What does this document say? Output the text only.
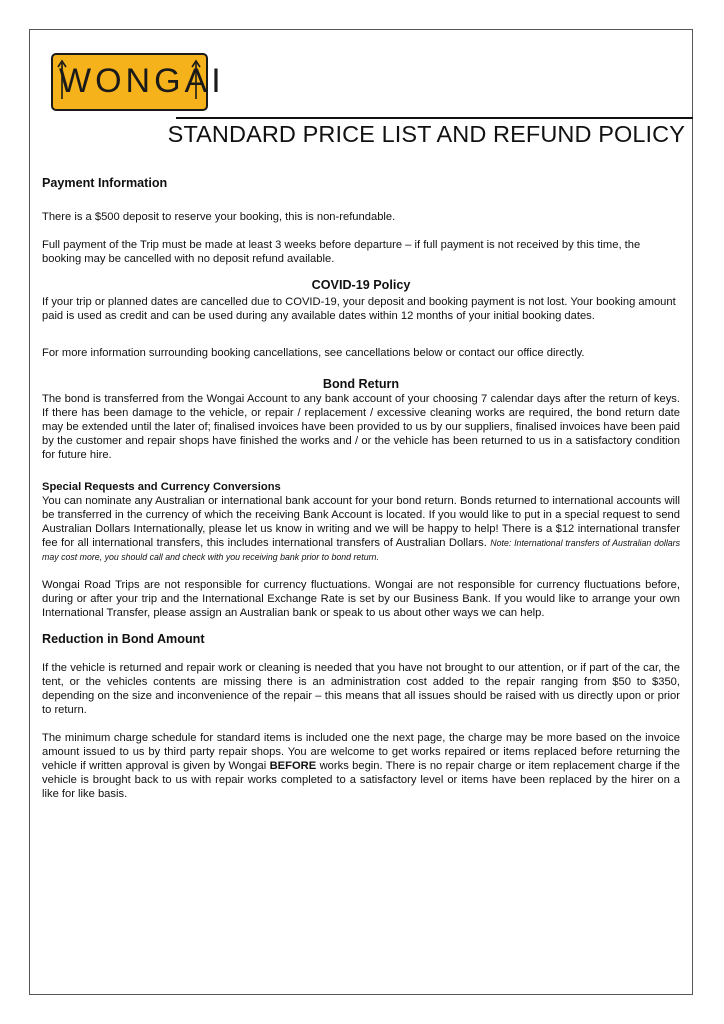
WONGAI
STANDARD PRICE LIST AND REFUND POLICY

Payment Information

There is a $500 deposit to reserve your booking, this is non-refundable.

Full payment of the Trip must be made at least 3 weeks before departure – if full payment is not received by this time, the booking may be cancelled with no deposit refund available.

COVID-19 Policy

If your trip or planned dates are cancelled due to COVID-19, your deposit and booking payment is not lost. Your booking amount paid is used as credit and can be used during any available dates within 12 months of your initial booking dates.

For more information surrounding booking cancellations, see cancellations below or contact our office directly.

Bond Return

The bond is transferred from the Wongai Account to any bank account of your choosing 7 calendar days after the return of keys. If there has been damage to the vehicle, or repair / replacement / excessive cleaning works are required, the bond return date may be extended until the later of; finalised invoices have been provided to us by our suppliers, finalised invoices have been paid by the customer and repair shops have finished the works and / or the vehicle has been returned to us in a satisfactory condition for future hire.

Special Requests and Currency Conversions

You can nominate any Australian or international bank account for your bond return. Bonds returned to international accounts will be transferred in the currency of which the receiving Bank Account is located. If you would like to put in a special request to send Australian Dollars Internationally, please let us know in writing and we will be happy to help! There is a $12 international transfer fee for all international transfers, this includes international transfers of Australian Dollars. Note: International transfers of Australian dollars may cost more, you should call and check with you receiving bank prior to bond return.

Wongai Road Trips are not responsible for currency fluctuations. Wongai are not responsible for currency fluctuations before, during or after your trip and the International Exchange Rate is set by our Business Bank. If you would like to arrange your own International Transfer, please assign an Australian bank or speak to us about other ways we can help.

Reduction in Bond Amount

If the vehicle is returned and repair work or cleaning is needed that you have not brought to our attention, or if part of the car, the tent, or the vehicles contents are missing there is an administration cost added to the repair ranging from $50 to $350, depending on the size and inconvenience of the repair – this means that all issues should be raised with us directly upon or prior to return.

The minimum charge schedule for standard items is included one the next page, the charge may be more based on the invoice amount issued to us by third party repair shops. You are welcome to get works repaired or items replaced before returning the vehicle if written approval is given by Wongai BEFORE works begin. There is no repair charge or item replacement charge if the vehicle is brought back to us with repair works completed to a satisfactory level or items have been replaced by the hirer on a like for like basis.
